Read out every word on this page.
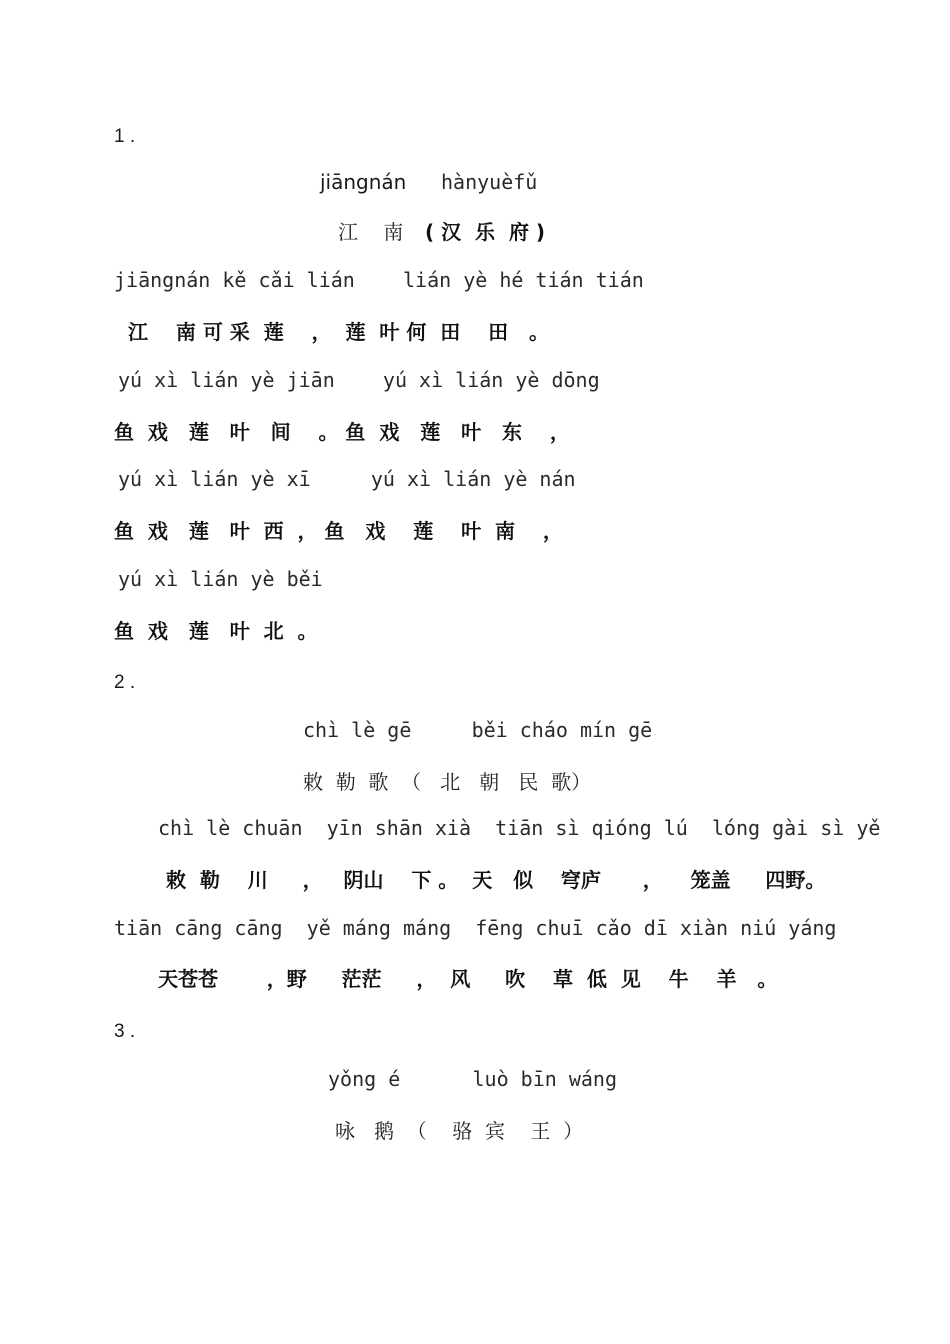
1 .
jiāngnán hànyuèfǔ
江    南 ( 汉  乐  府 )
jiāngnán kě cǎi lián    lián yè hé tián tián
江    南 可 采  莲    ，  莲  叶 何  田    田   。
yú xì lián yè jiān    yú xì lián yè dōng
鱼  戏   莲   叶   间    。 鱼  戏   莲   叶   东    ，
yú xì lián yè xī     yú xì lián yè nán
鱼  戏   莲   叶  西  ， 鱼   戏    莲    叶  南    ，
yú xì lián yè běi
鱼  戏   莲   叶  北  。
2 .
chì lè gē     běi cháo mín gē
敕  勒  歌  （   北   朝   民  歌）
chì lè chuān  yīn shān xià  tiān sì qióng lú  lóng gài sì yě
敕  勒    川     ，   阴山    下 。  天   似    穹庐      ，    笼盖     四野。
tiān cāng cāng  yě máng máng  fēng chuī cǎo dī xiàn niú yáng
天苍苍       ，野     茫茫     ，  风     吹    草  低  见    牛    羊   。
3 .
yǒng é      luò bīn wáng
咏   鹅  （    骆  宾    王  ）
